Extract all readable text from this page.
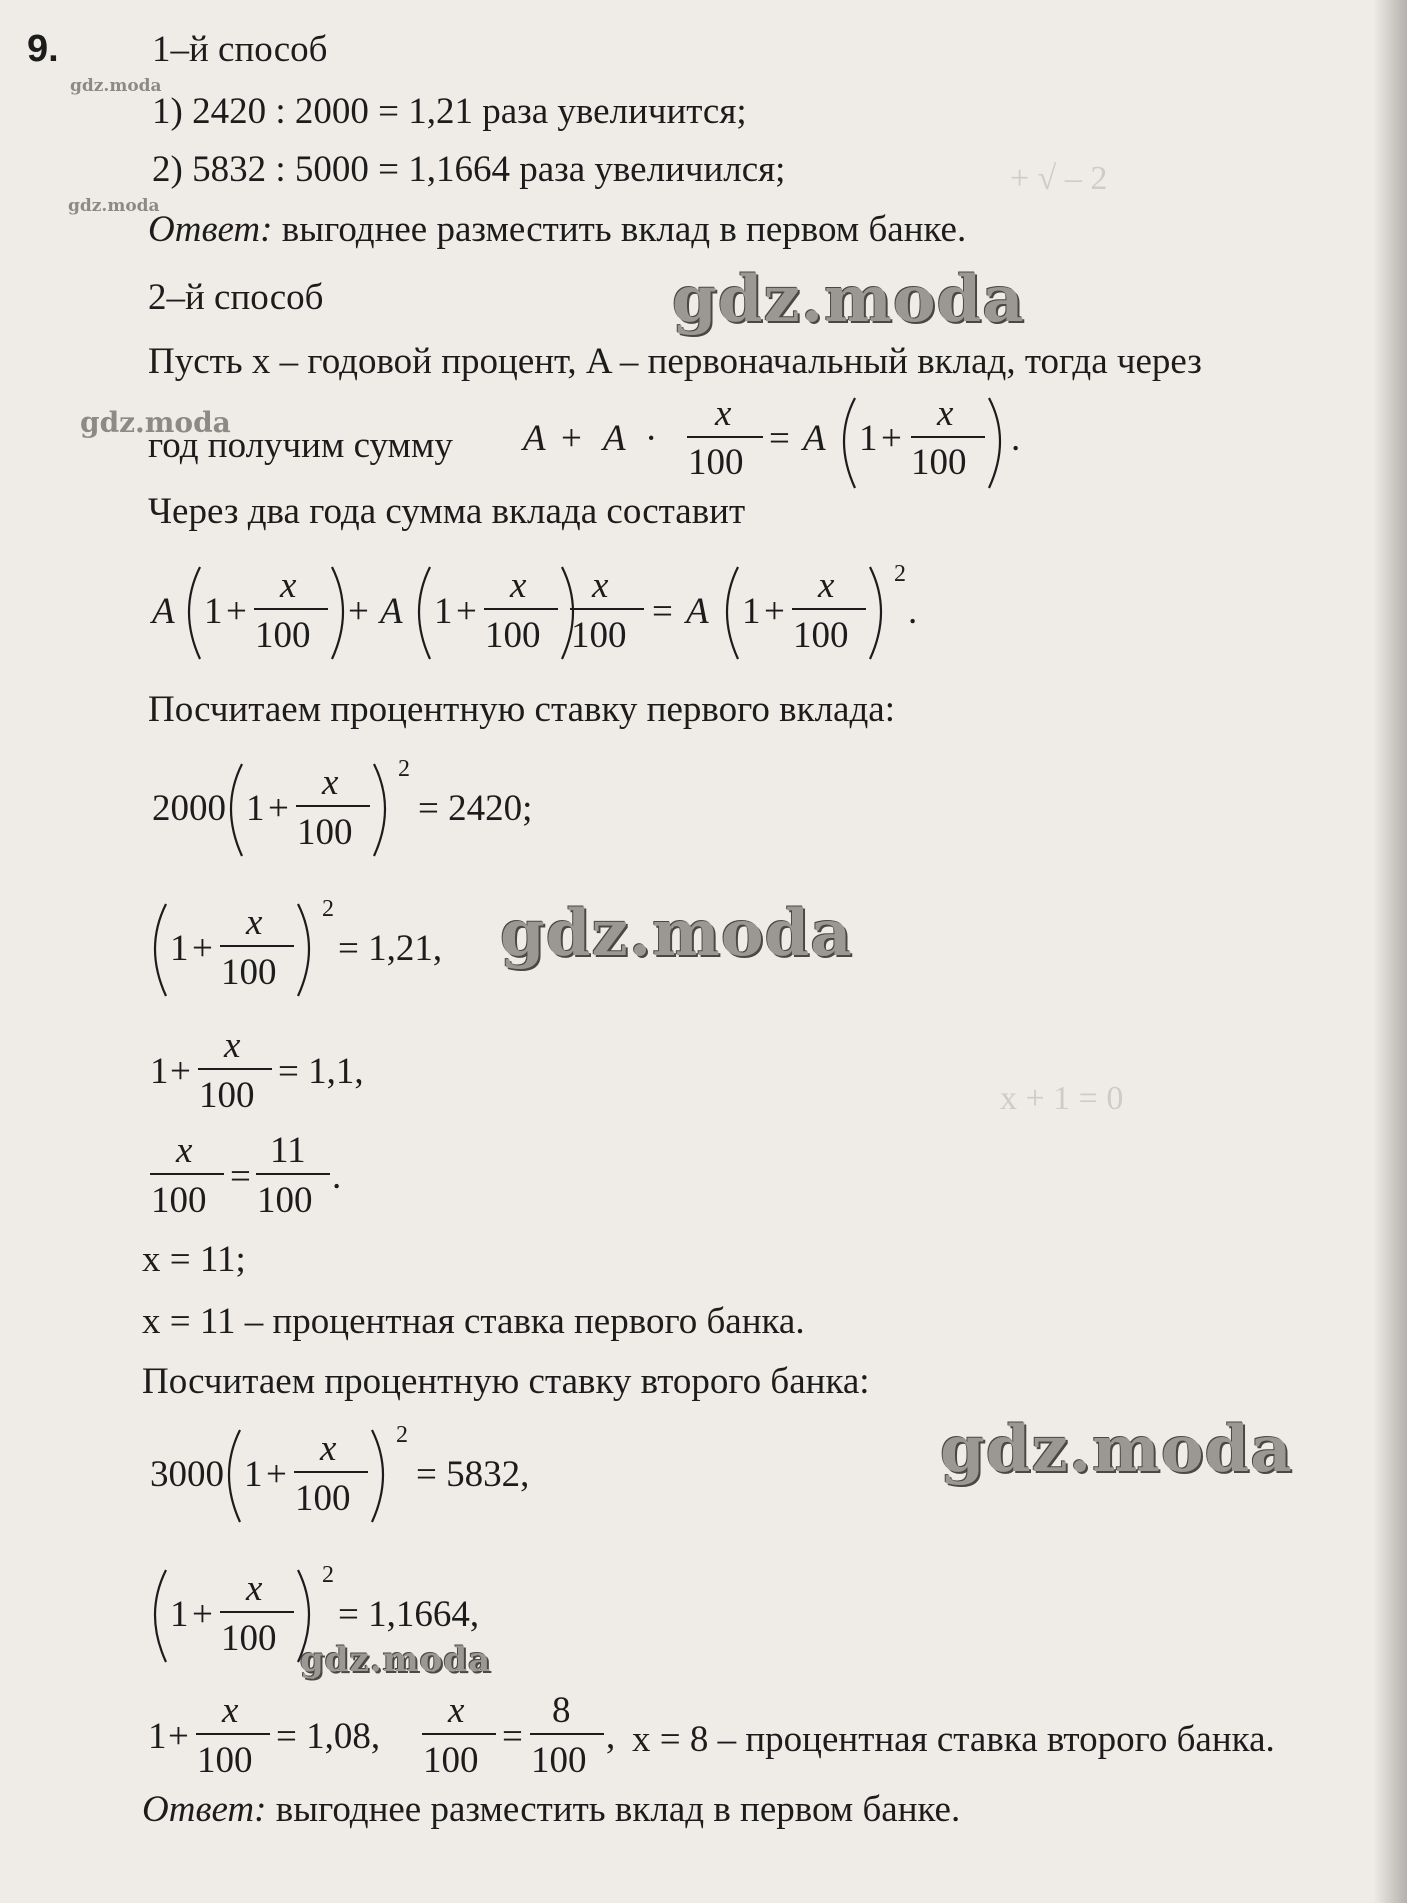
+ √ – 2
x + 1 = 0
9.	1–й способ
1) 2420 : 2000 = 1,21 раза увеличится;
2) 5832 : 5000 = 1,1664 раза увеличился;
Ответ: выгоднее разместить вклад в первом банке.
2–й способ
Пусть x – годовой процент, A – первоначальный вклад, тогда через
год получим сумму A + A ·
x
100
= A 1 +
x
100
.
Через два года сумма вклада составит
A 1 +
x
100
+ A 1 +
x
100
x
100
= A 1 +
x
100
2
.
Посчитаем процентную ставку первого вклада:
2000 1 +
x
100
2
= 2420;
1 +
x
100
2
= 1,21,
1 +
x
100
= 1,1,
x
100
=
11
100
.
x = 11;
x = 11 – процентная ставка первого банка.
Посчитаем процентную ставку второго банка:
3000 1 +
x
100
2
= 5832,
1 +
x
100
2
= 1,1664,
1 +
x
100
= 1,08,
x
100
=
8
100
, x = 8 – процентная ставка второго банка.
Ответ: выгоднее разместить вклад в первом банке.
gdz.moda
gdz.moda
gdz.moda
gdz.moda
gdz.moda
gdz.moda
gdz.moda
